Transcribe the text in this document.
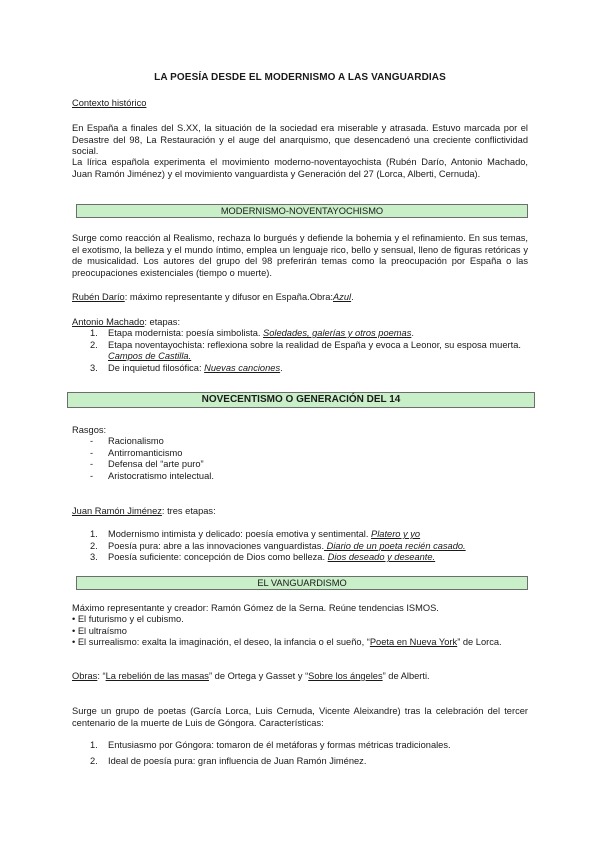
LA POESÍA DESDE EL MODERNISMO A LAS VANGUARDIAS
Contexto histórico
En España a finales del S.XX, la situación de la sociedad era miserable y atrasada. Estuvo marcada por el Desastre del 98, La Restauración y el auge del anarquismo, que desencadenó una creciente conflictividad social.
La lírica española experimenta el movimiento moderno-noventayochista (Rubén Darío, Antonio Machado, Juan Ramón Jiménez) y el movimiento vanguardista y Generación del 27 (Lorca, Alberti, Cernuda).
MODERNISMO-NOVENTAYOCHISMO
Surge como reacción al Realismo, rechaza lo burgués y defiende la bohemia y el refinamiento. En sus temas, el exotismo, la belleza y el mundo íntimo, emplea un lenguaje rico, bello y sensual, lleno de figuras retóricas y de musicalidad. Los autores del grupo del 98 preferirán temas como la preocupación por España o las preocupaciones existenciales (tiempo o muerte).
Rubén Darío: máximo representante y difusor en España.Obra:Azul.
Antonio Machado: etapas:
1.	Etapa modernista: poesía simbolista. Soledades, galerías y otros poemas.
2.	Etapa noventayochista: reflexiona sobre la realidad de España y evoca a Leonor, su esposa muerta. Campos de Castilla.
3.	De inquietud filosófica: Nuevas canciones.
NOVECENTISMO O GENERACIÓN DEL 14
Rasgos:
- Racionalismo
- Antirromanticismo
- Defensa del “arte puro”
- Aristocratismo intelectual.
Juan Ramón Jiménez: tres etapas:
1.	Modernismo intimista y delicado: poesía emotiva y sentimental. Platero y yo
2.	Poesía pura: abre a las innovaciones vanguardistas. Diario de un poeta recién casado.
3.	Poesía suficiente: concepción de Dios como belleza. Dios deseado y deseante.
EL VANGUARDISMO
Máximo representante y creador: Ramón Gómez de la Serna. Reúne tendencias ISMOS.
• El futurismo y el cubismo.
• El ultraísmo
• El surrealismo: exalta la imaginación, el deseo, la infancia o el sueño, “Poeta en Nueva York” de Lorca.
Obras: “La rebelión de las masas” de Ortega y Gasset y “Sobre los ángeles” de Alberti.
Surge un grupo de poetas (García Lorca, Luis Cernuda, Vicente Aleixandre) tras la celebración del tercer centenario de la muerte de Luis de Góngora. Características:
1.	Entusiasmo por Góngora: tomaron de él metáforas y formas métricas tradicionales.
2.	Ideal de poesía pura: gran influencia de Juan Ramón Jiménez.
